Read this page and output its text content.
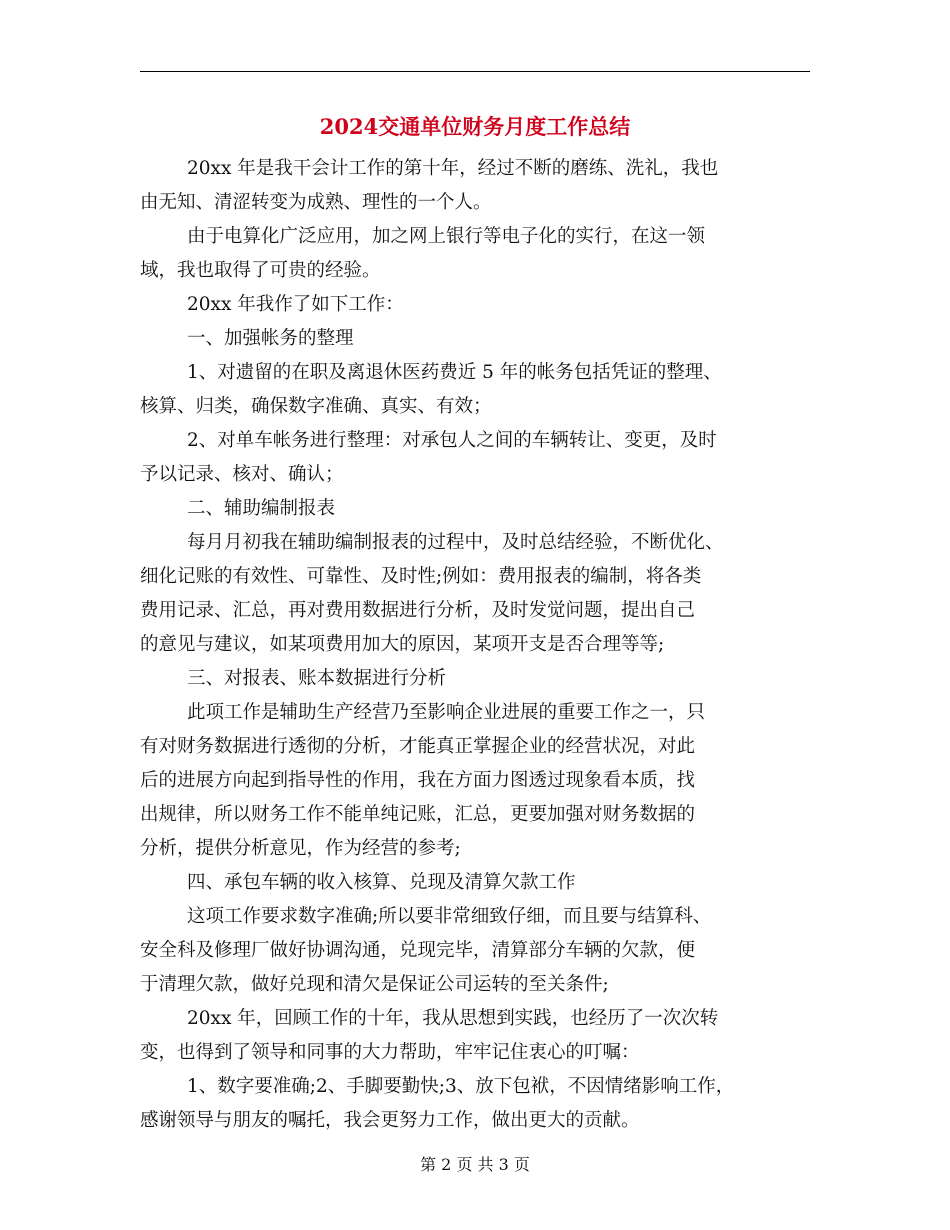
2024交通单位财务月度工作总结
20xx 年是我干会计工作的第十年，经过不断的磨练、洗礼，我也
由无知、清涩转变为成熟、理性的一个人。
由于电算化广泛应用，加之网上银行等电子化的实行，在这一领
域，我也取得了可贵的经验。
20xx 年我作了如下工作：
一、加强帐务的整理
1、对遗留的在职及离退休医药费近 5 年的帐务包括凭证的整理、
核算、归类，确保数字准确、真实、有效；
2、对单车帐务进行整理：对承包人之间的车辆转让、变更，及时
予以记录、核对、确认；
二、辅助编制报表
每月月初我在辅助编制报表的过程中，及时总结经验，不断优化、
细化记账的有效性、可靠性、及时性;例如：费用报表的编制，将各类
费用记录、汇总，再对费用数据进行分析，及时发觉问题，提出自己
的意见与建议，如某项费用加大的原因，某项开支是否合理等等;
三、对报表、账本数据进行分析
此项工作是辅助生产经营乃至影响企业进展的重要工作之一，只
有对财务数据进行透彻的分析，才能真正掌握企业的经营状况，对此
后的进展方向起到指导性的作用，我在方面力图透过现象看本质，找
出规律，所以财务工作不能单纯记账，汇总，更要加强对财务数据的
分析，提供分析意见，作为经营的参考;
四、承包车辆的收入核算、兑现及清算欠款工作
这项工作要求数字准确;所以要非常细致仔细，而且要与结算科、
安全科及修理厂做好协调沟通，兑现完毕，清算部分车辆的欠款，便
于清理欠款，做好兑现和清欠是保证公司运转的至关条件;
20xx 年，回顾工作的十年，我从思想到实践，也经历了一次次转
变，也得到了领导和同事的大力帮助，牢牢记住衷心的叮嘱：
1、数字要准确;2、手脚要勤快;3、放下包袱，不因情绪影响工作，
感谢领导与朋友的嘱托，我会更努力工作，做出更大的贡献。
第 2 页 共 3 页
